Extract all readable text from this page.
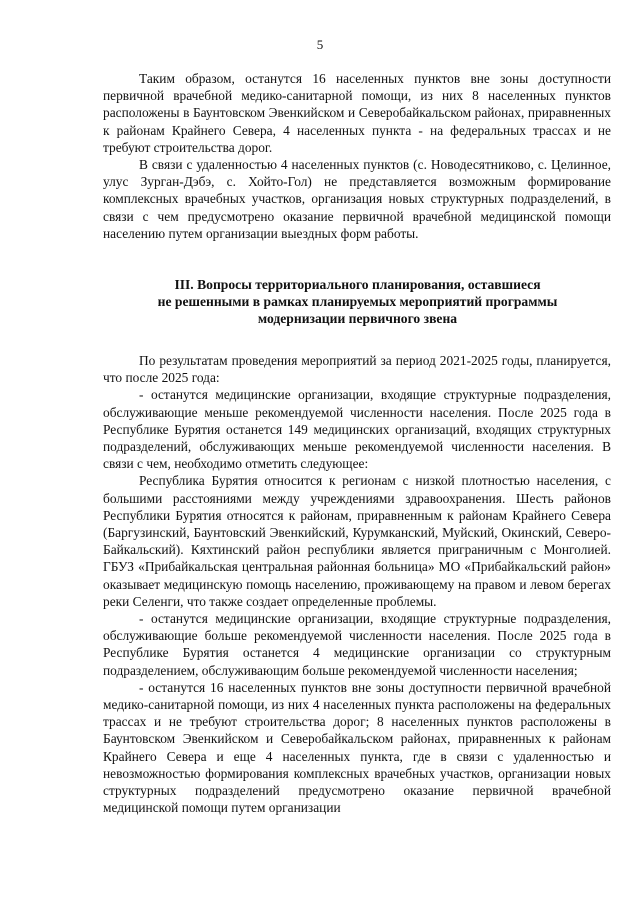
5

Таким образом, останутся 16 населенных пунктов вне зоны доступности первичной врачебной медико-санитарной помощи, из них 8 населенных пунктов расположены в Баунтовском Эвенкийском и Северобайкальском районах, приравненных к районам Крайнего Севера, 4 населенных пункта - на федеральных трассах и не требуют строительства дорог.

В связи с удаленностью 4 населенных пунктов (с. Новодесятниково, с. Целинное, улус Зурган-Дэбэ, с. Хойто-Гол) не представляется возможным формирование комплексных врачебных участков, организация новых структурных подразделений, в связи с чем предусмотрено оказание первичной врачебной медицинской помощи населению путем организации выездных форм работы.

III. Вопросы территориального планирования, оставшиеся
не решенными в рамках планируемых мероприятий программы
модернизации первичного звена

По результатам проведения мероприятий за период 2021-2025 годы, планируется, что после 2025 года:

- останутся медицинские организации, входящие структурные подразделения, обслуживающие меньше рекомендуемой численности населения. После 2025 года в Республике Бурятия останется 149 медицинских организаций, входящих структурных подразделений, обслуживающих меньше рекомендуемой численности населения. В связи с чем, необходимо отметить следующее:

Республика Бурятия относится к регионам с низкой плотностью населения, с большими расстояниями между учреждениями здравоохранения. Шесть районов Республики Бурятия относятся к районам, приравненным к районам Крайнего Севера (Баргузинский, Баунтовский Эвенкийский, Курумканский, Муйский, Окинский, Северо-Байкальский). Кяхтинский район республики является приграничным с Монголией. ГБУЗ «Прибайкальская центральная районная больница» МО «Прибайкальский район» оказывает медицинскую помощь населению, проживающему на правом и левом берегах реки Селенги, что также создает определенные проблемы.

- останутся медицинские организации, входящие структурные подразделения, обслуживающие больше рекомендуемой численности населения. После 2025 года в Республике Бурятия останется 4 медицинские организации со структурным подразделением, обслуживающим больше рекомендуемой численности населения;

- останутся 16 населенных пунктов вне зоны доступности первичной врачебной медико-санитарной помощи, из них 4 населенных пункта расположены на федеральных трассах и не требуют строительства дорог; 8 населенных пунктов расположены в Баунтовском Эвенкийском и Северобайкальском районах, приравненных к районам Крайнего Севера и еще 4 населенных пункта, где в связи с удаленностью и невозможностью формирования комплексных врачебных участков, организации новых структурных подразделений предусмотрено оказание первичной врачебной медицинской помощи путем организации
